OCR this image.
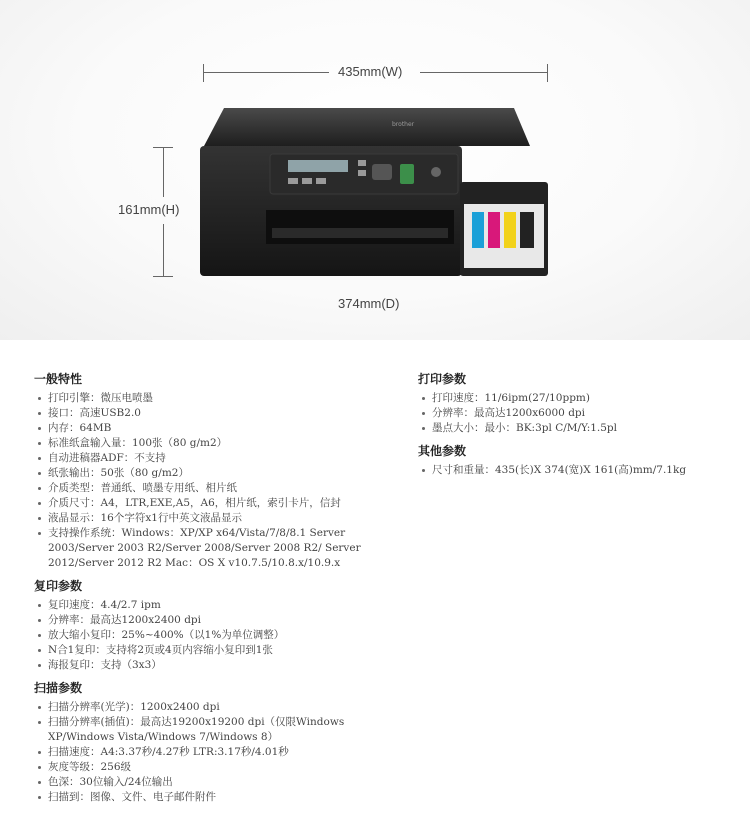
435mm(W)
161mm(H)
374mm(D)
brother
一般特性
打印引擎：微压电喷墨
接口：高速USB2.0
内存：64MB
标准纸盒输入量：100张（80 g/m2）
自动进稿器ADF：不支持
纸张输出：50张（80 g/m2）
介质类型：普通纸、喷墨专用纸、相片纸
介质尺寸：A4，LTR,EXE,A5，A6，相片纸，索引卡片，信封
液晶显示：16个字符x1行中英文液晶显示
支持操作系统：Windows：XP/XP x64/Vista/7/8/8.1 Server 2003/Server 2003 R2/Server 2008/Server 2008 R2/ Server 2012/Server 2012 R2 Mac：OS X v10.7.5/10.8.x/10.9.x
复印参数
复印速度：4.4/2.7 ipm
分辨率：最高达1200x2400 dpi
放大缩小复印：25%~400%（以1%为单位调整）
N合1复印：支持将2页或4页内容缩小复印到1张
海报复印：支持（3x3）
扫描参数
扫描分辨率(光学)：1200x2400 dpi
扫描分辨率(插值)：最高达19200x19200 dpi（仅限Windows XP/Windows Vista/Windows 7/Windows 8）
扫描速度：A4:3.37秒/4.27秒 LTR:3.17秒/4.01秒
灰度等级：256级
色深：30位输入/24位输出
扫描到：图像、文件、电子邮件附件
打印参数
打印速度：11/6ipm(27/10ppm)
分辨率：最高达1200x6000 dpi
墨点大小：最小：BK:3pl C/M/Y:1.5pl
其他参数
尺寸和重量：435(长)X 374(宽)X 161(高)mm/7.1kg
